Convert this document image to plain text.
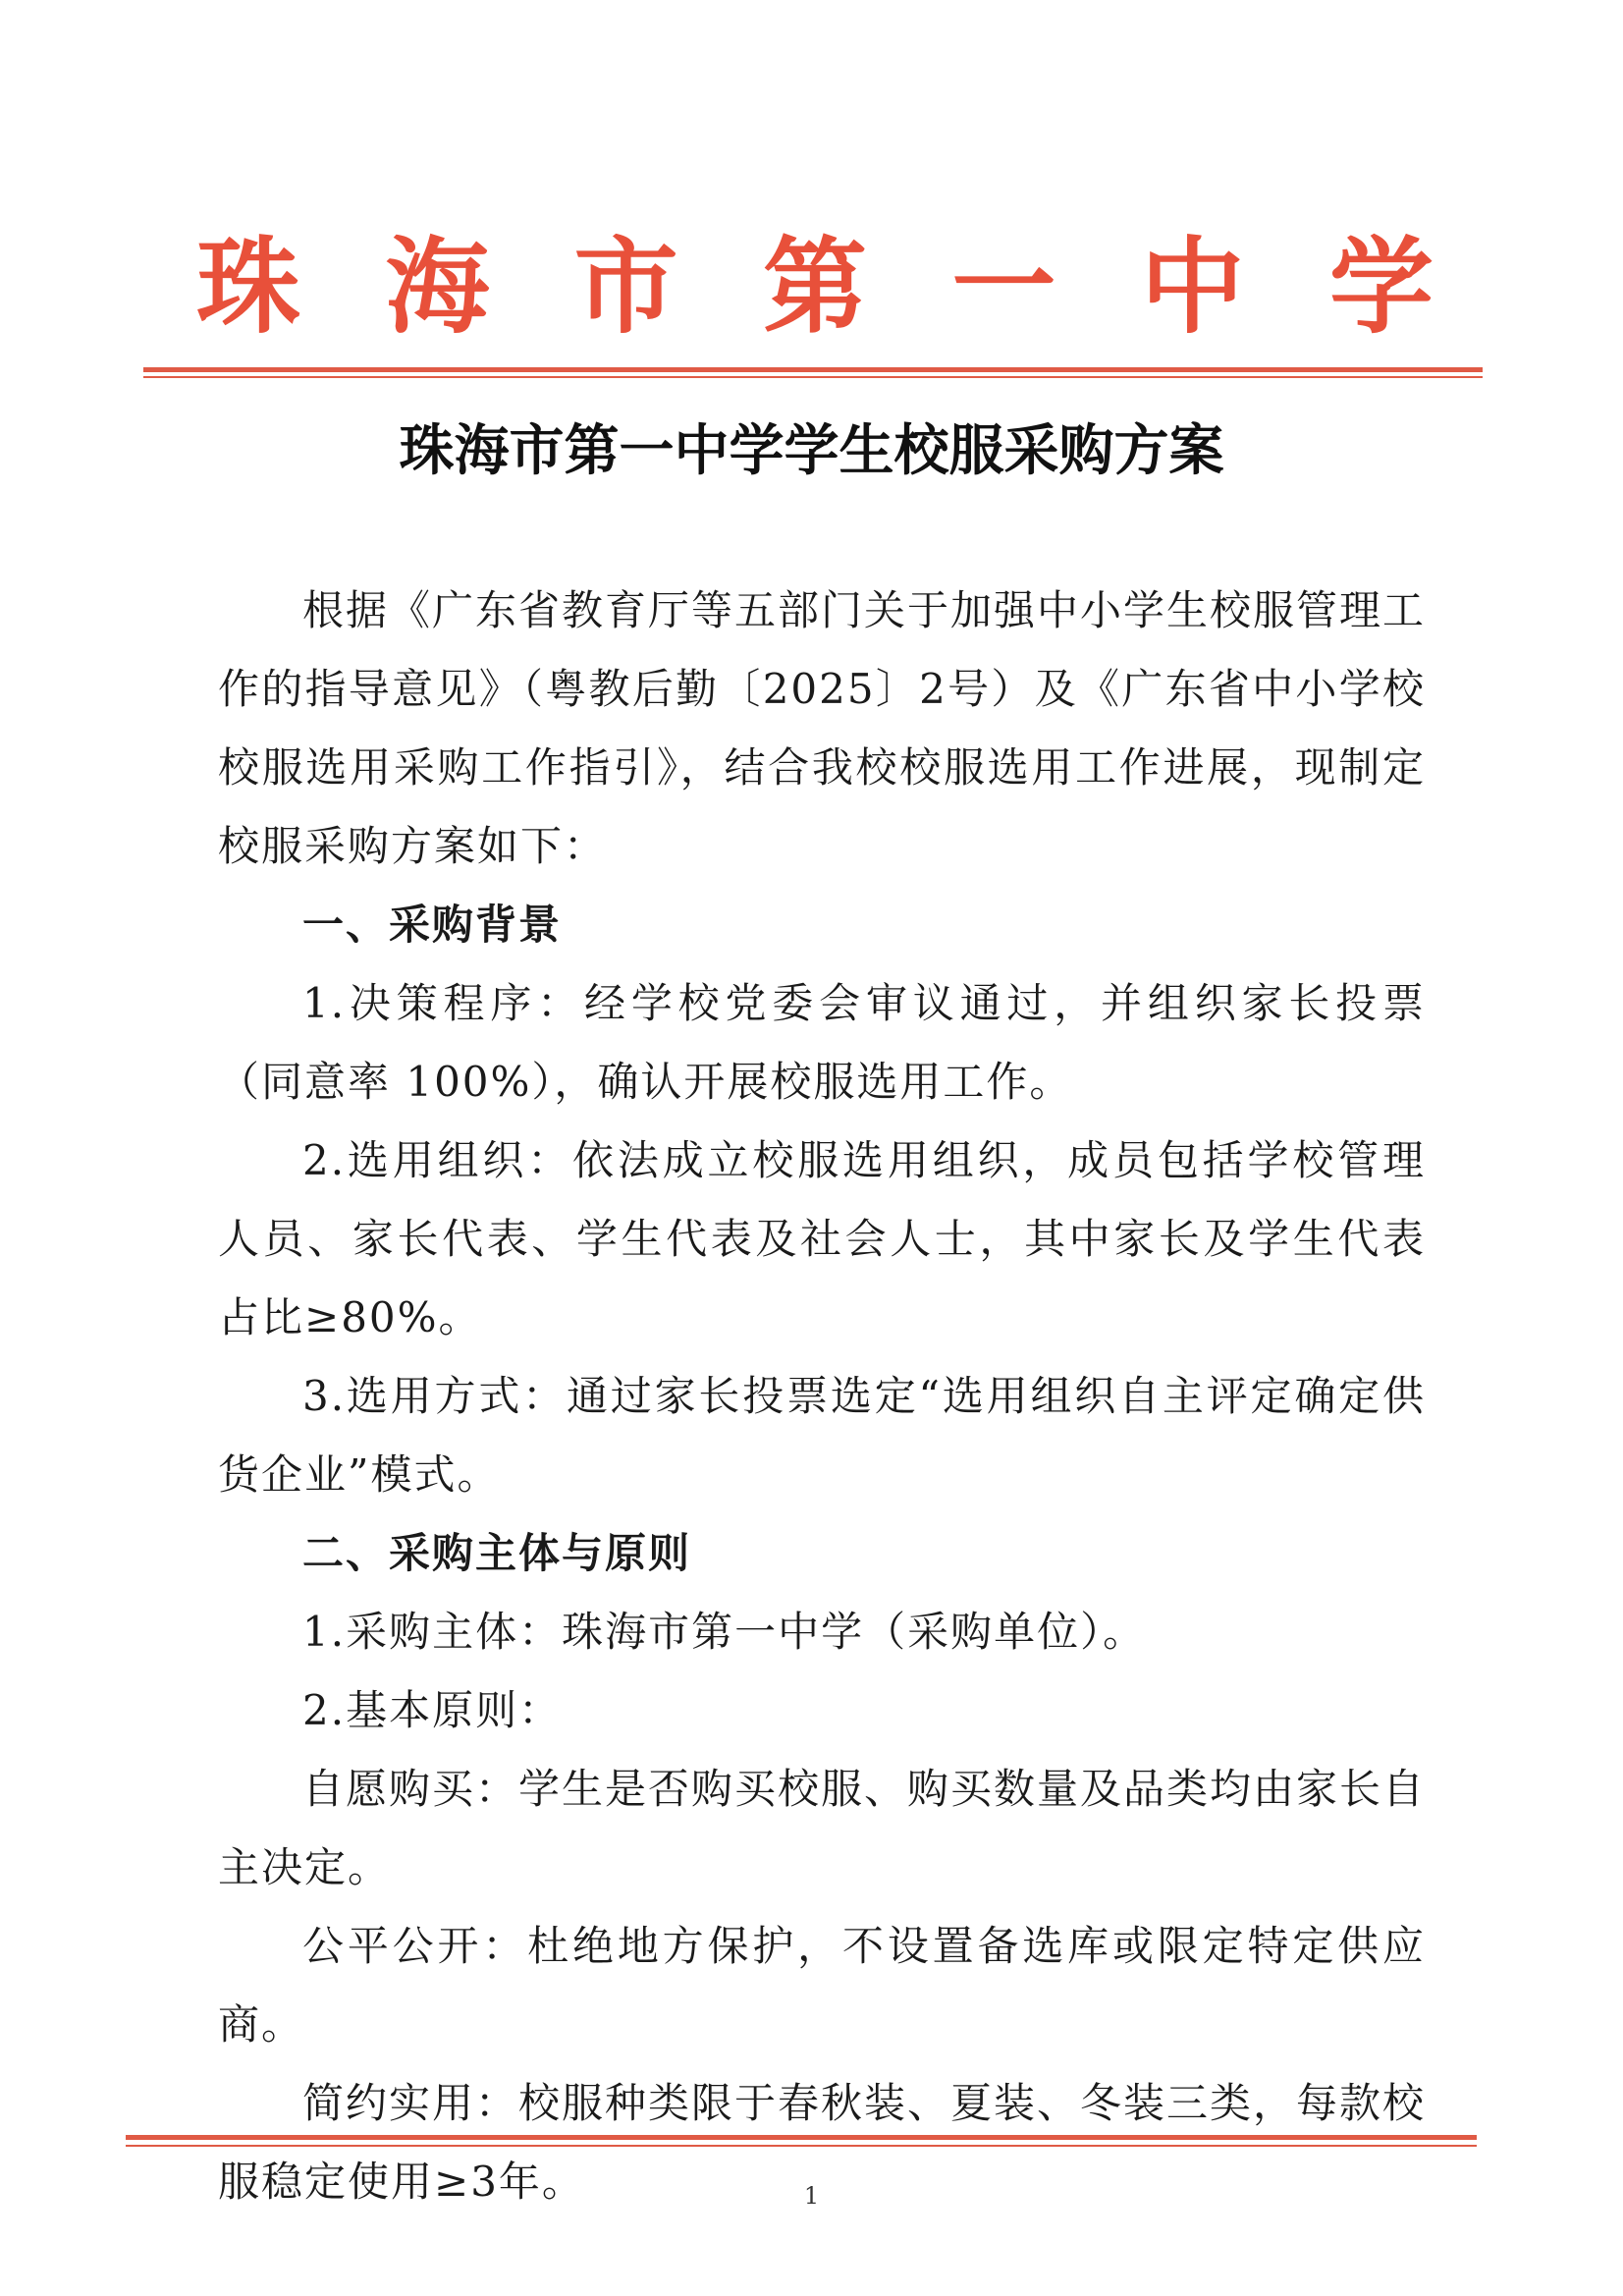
珠 海 市 第 一 中 学
珠海市第一中学学生校服采购方案

根据《广东省教育厅等五部门关于加强中小学生校服管理工作的指导意见》（粤教后勤〔2025〕2号）及《广东省中小学校校服选用采购工作指引》，结合我校校服选用工作进展，现制定校服采购方案如下：

一、采购背景

1.决策程序：经学校党委会审议通过，并组织家长投票（同意率 100%），确认开展校服选用工作。

2.选用组织：依法成立校服选用组织，成员包括学校管理人员、家长代表、学生代表及社会人士，其中家长及学生代表占比≥80%。

3.选用方式：通过家长投票选定“选用组织自主评定确定供货企业”模式。

二、采购主体与原则

1.采购主体：珠海市第一中学（采购单位）。

2.基本原则：

自愿购买：学生是否购买校服、购买数量及品类均由家长自主决定。

公平公开：杜绝地方保护，不设置备选库或限定特定供应商。

简约实用：校服种类限于春秋装、夏装、冬装三类，每款校服稳定使用≥3年。	1
